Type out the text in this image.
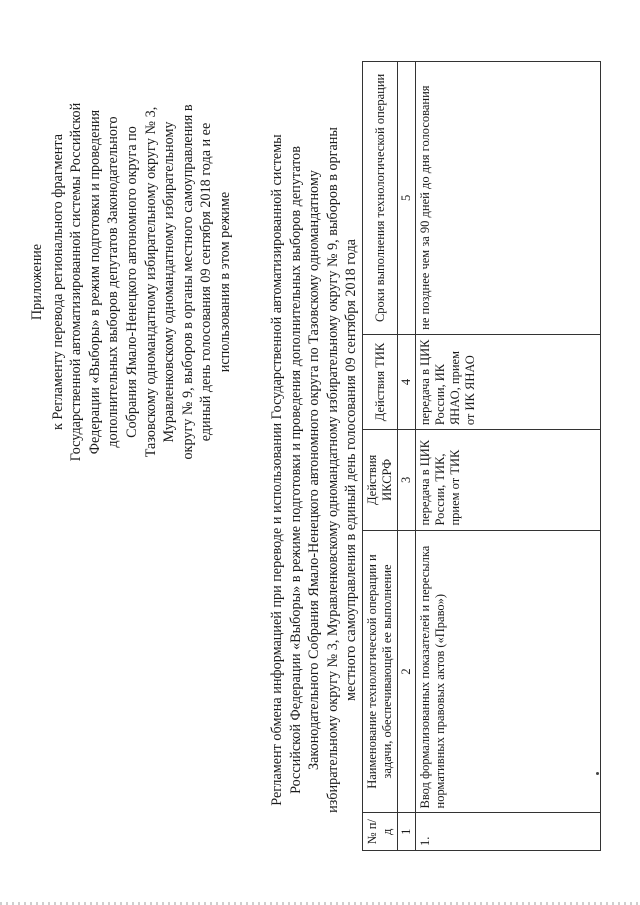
Приложение к Регламенту перевода регионального фрагмента Государственной автоматизированной системы Российской Федерации «Выборы» в режим подготовки и проведения дополнительных выборов депутатов Законодательного Собрания Ямало-Ненецкого автономного округа по Тазовскому одномандатному избирательному округу № 3, Муравленковскому одномандатному избирательному округу № 9, выборов в органы местного самоуправления в единый день голосования 09 сентября 2018 года и ее использования в этом режиме	Регламент обмена информацией при переводе и использовании Государственной автоматизированной системы Российской Федерации «Выборы» в режиме подготовки и проведения дополнительных выборов депутатов Законодательного Собрания Ямало-Ненецкого автономного округа по Тазовскому одномандатному избирательному округу № 3, Муравленковскому одномандатному избирательному округу № 9, выборов в органы местного самоуправления в единый день голосования 09 сентября 2018 года
№ п/д	Наименование технологической операции и задачи, обеспечивающей ее выполнение	Действия ИКСРФ	Действия ТИК	Сроки выполнения технологической операции
1	2	3	4	5
1.	Ввод формализованных показателей и пересылка нормативных правовых актов («Право»)	передача в ЦИК России, ТИК, прием от ТИК	передача в ЦИК России, ИК ЯНАО, прием от ИК ЯНАО	не позднее чем за 90 дней до дня голосования
